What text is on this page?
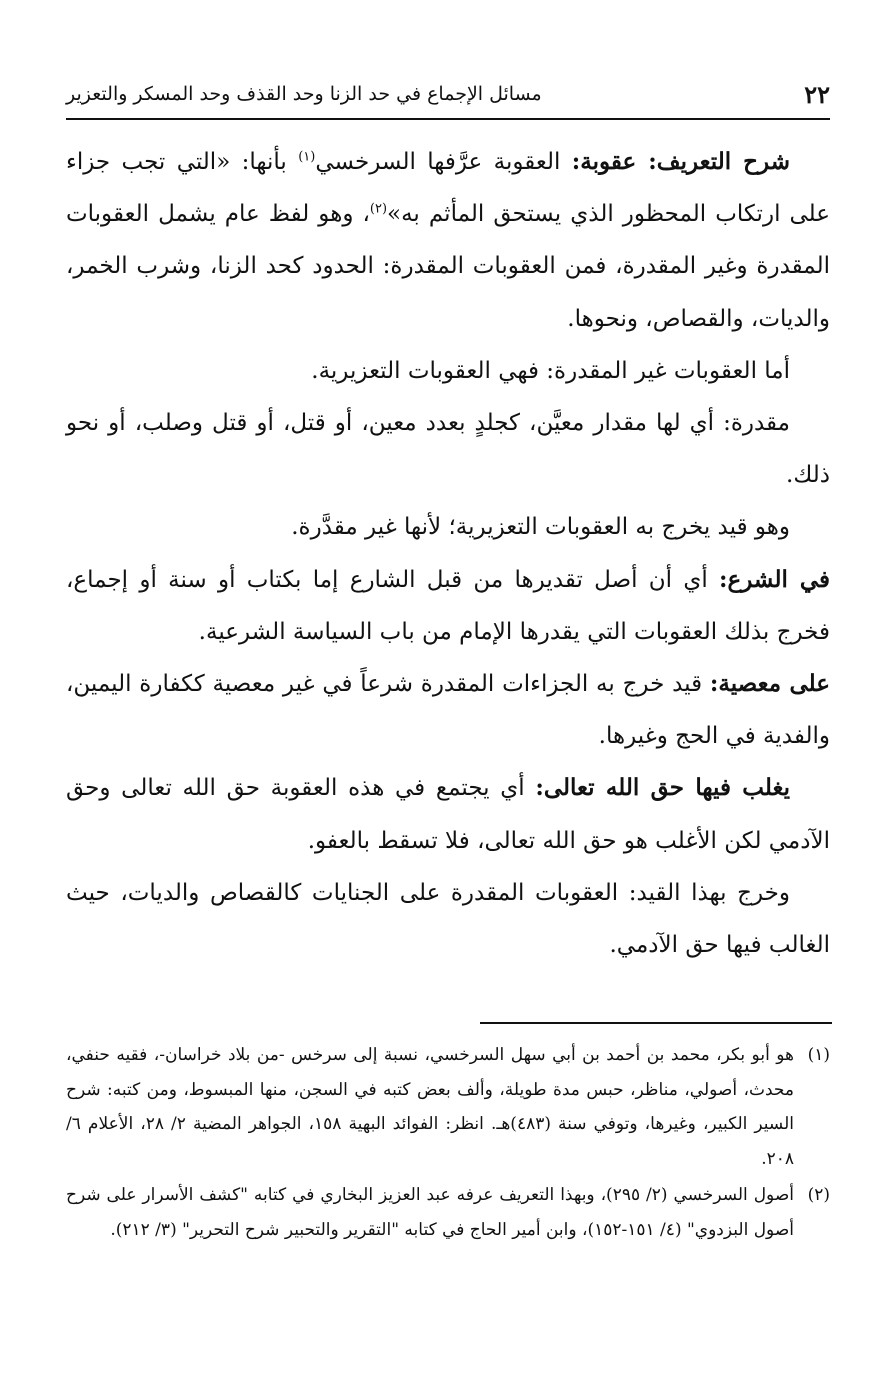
٢٢
مسائل الإجماع في حد الزنا وحد القذف وحد المسكر والتعزير

شرح التعريف: عقوبة: العقوبة عرَّفها السرخسي$^{(١)}$ بأنها: «التي تجب جزاء على ارتكاب المحظور الذي يستحق المأثم به»$^{(٢)}$، وهو لفظ عام يشمل العقوبات المقدرة وغير المقدرة، فمن العقوبات المقدرة: الحدود كحد الزنا، وشرب الخمر، والديات، والقصاص، ونحوها.

أما العقوبات غير المقدرة: فهي العقوبات التعزيرية.

مقدرة: أي لها مقدار معيَّن، كجلدٍ بعدد معين، أو قتل، أو قتل وصلب، أو نحو ذلك.

وهو قيد يخرج به العقوبات التعزيرية؛ لأنها غير مقدَّرة.

في الشرع: أي أن أصل تقديرها من قبل الشارع إما بكتاب أو سنة أو إجماع، فخرج بذلك العقوبات التي يقدرها الإمام من باب السياسة الشرعية.

على معصية: قيد خرج به الجزاءات المقدرة شرعاً في غير معصية ككفارة اليمين، والفدية في الحج وغيرها.

يغلب فيها حق الله تعالى: أي يجتمع في هذه العقوبة حق الله تعالى وحق الآدمي لكن الأغلب هو حق الله تعالى، فلا تسقط بالعفو.

وخرج بهذا القيد: العقوبات المقدرة على الجنايات كالقصاص والديات، حيث الغالب فيها حق الآدمي.

(١)
هو أبو بكر، محمد بن أحمد بن أبي سهل السرخسي، نسبة إلى سرخس -من بلاد خراسان-، فقيه حنفي، محدث، أصولي، مناظر، حبس مدة طويلة، وألف بعض كتبه في السجن، منها المبسوط، ومن كتبه: شرح السير الكبير، وغيرها، وتوفي سنة (٤٨٣)هـ. انظر: الفوائد البهية ١٥٨، الجواهر المضية ٢/ ٢٨، الأعلام ٦/ ٢٠٨.
(٢)
أصول السرخسي (٢/ ٢٩٥)، وبهذا التعريف عرفه عبد العزيز البخاري في كتابه "كشف الأسرار على شرح أصول البزدوي" (٤/ ١٥١-١٥٢)، وابن أمير الحاج في كتابه "التقرير والتحبير شرح التحرير" (٣/ ٢١٢).
